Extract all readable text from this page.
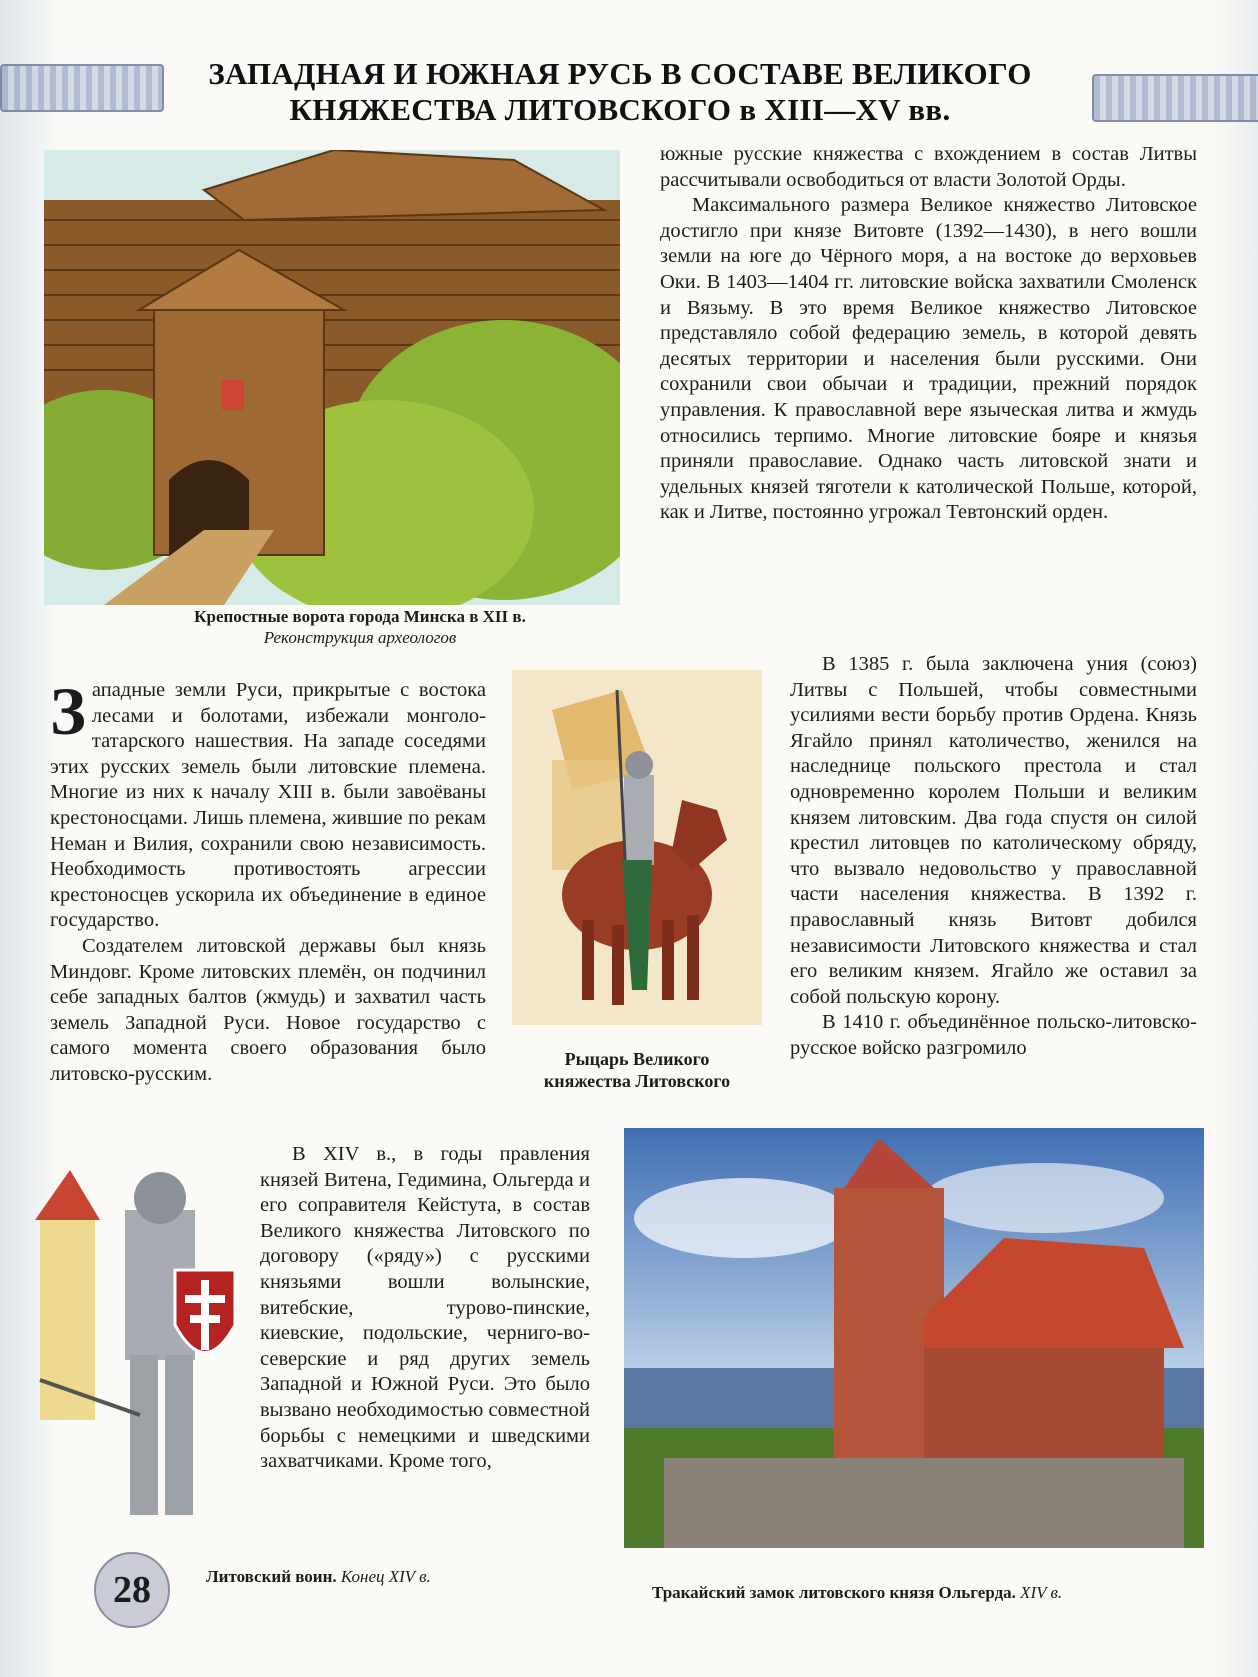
ЗАПАДНАЯ И ЮЖНАЯ РУСЬ В СОСТАВЕ ВЕЛИКОГО
КНЯЖЕСТВА ЛИТОВСКОГО в XIII—XV вв.
Крепостные ворота города Минска в XII в.
Реконструкция археологов

южные русские княжества с вхождением в состав Литвы рассчитывали освободиться от власти Золотой Орды.

Максимального размера Великое княжество Литовское достигло при князе Витовте (1392—1430), в него вошли земли на юге до Чёрного моря, а на востоке до верховьев Оки. В 1403—1404 гг. литовские войска захватили Смоленск и Вязьму. В это время Великое княжество Литовское представляло собой федерацию земель, в которой девять десятых территории и населения были русскими. Они сохранили свои обычаи и традиции, прежний порядок управления. К православной вере языческая литва и жмудь относились терпимо. Многие литовские бояре и князья приняли православие. Однако часть литовской знати и удельных князей тяготели к католической Польше, которой, как и Литве, постоянно угрожал Тевтонский орден.

Рыцарь Великого
княжества Литовского

В 1385 г. была заключена уния (союз) Литвы с Польшей, чтобы совместными усилиями вести борьбу против Ордена. Князь Ягайло принял католичество, женился на наследнице польского престола и стал одновременно королем Польши и великим князем литовским. Два года спустя он силой крестил литовцев по католическому обряду, что вызвало недовольство у православной части населения княжества. В 1392 г. православный князь Витовт добился независимости Литовского княжества и стал его великим князем. Ягайло же оставил за собой польскую корону.

В 1410 г. объединённое польско-литовско-русское войско разгромило

Западные земли Руси, прикрытые с востока лесами и болотами, избежали монголо-татарского нашествия. На западе соседями этих русских земель были литовские племена. Многие из них к началу XIII в. были завоёваны крестоносцами. Лишь племена, жившие по рекам Неман и Вилия, сохранили свою независимость. Необходимость противостоять агрессии крестоносцев ускорила их объединение в единое государство.

Создателем литовской державы был князь Миндовг. Кроме литовских племён, он подчинил себе западных балтов (жмудь) и захватил часть земель Западной Руси. Новое государство с самого момента своего образования было литовско-русским.

В XIV в., в годы правления князей Витена, Гедимина, Ольгерда и его соправителя Кейстута, в состав Великого княжества Литовского по договору («ряду») с русскими князьями вошли волынские, витебские, турово-пинские, киевские, подольские, черниго-во-северские и ряд других земель Западной и Южной Руси. Это было вызвано необходимостью совместной борьбы с немецкими и шведскими захватчиками. Кроме того,

28	Литовский воин. Конец XIV в.
Тракайский замок литовского князя Ольгерда. XIV в.
